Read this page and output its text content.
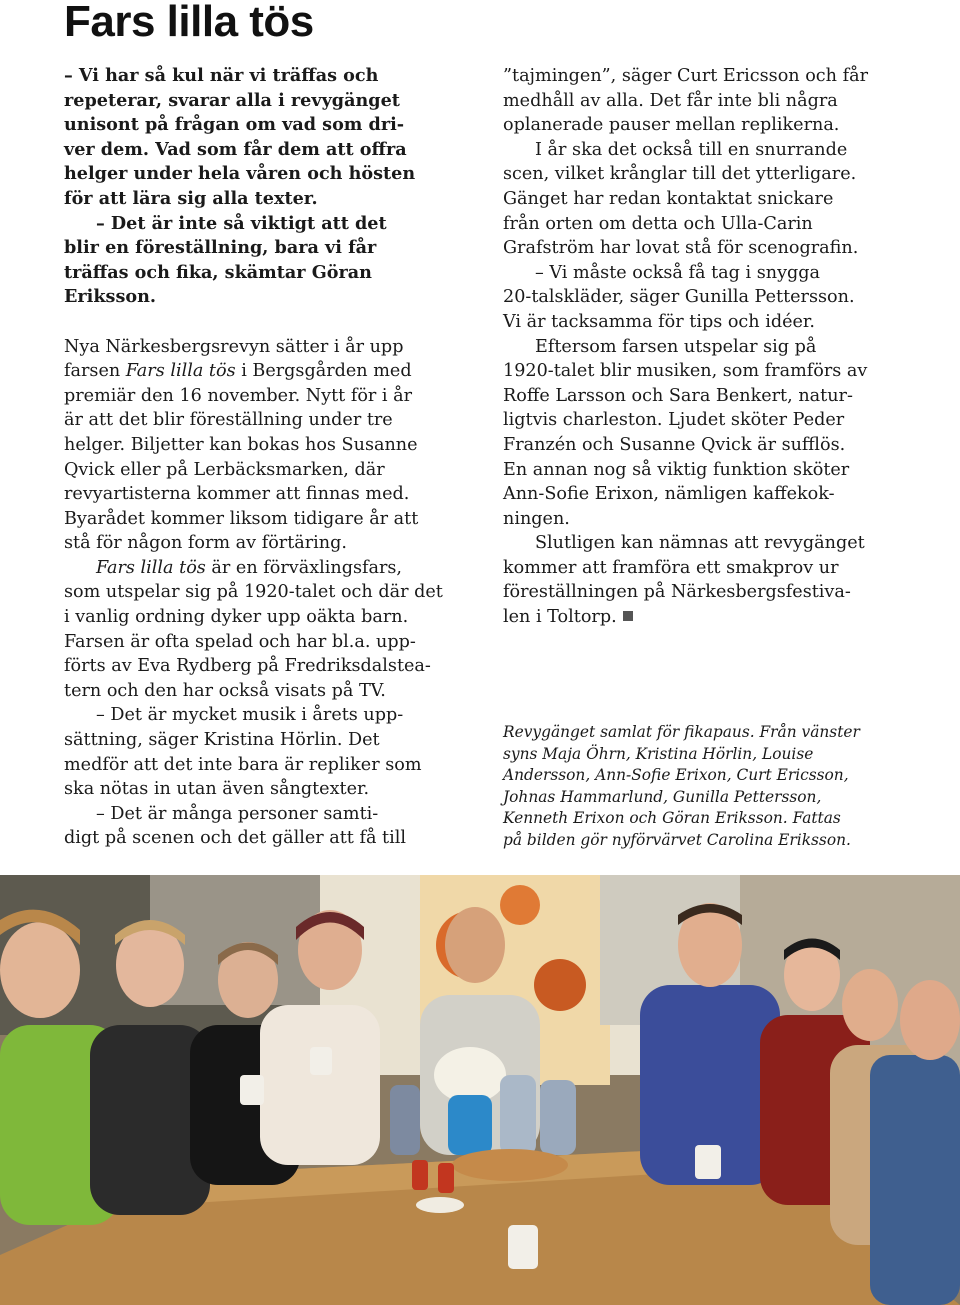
Fars lilla tös
– Vi har så kul när vi träffas och
repeterar, svarar alla i revygänget
unisont på frågan om vad som dri-
ver dem. Vad som får dem att offra
helger under hela våren och hösten
för att lära sig alla texter.
– Det är inte så viktigt att det
blir en föreställning, bara vi får
träffas och fika, skämtar Göran
Eriksson.
Nya Närkesbergsrevyn sätter i år upp
farsen Fars lilla tös i Bergsgården med
premiär den 16 november. Nytt för i år
är att det blir föreställning under tre
helger. Biljetter kan bokas hos Susanne
Qvick eller på Lerbäcksmarken, där
revyartisterna kommer att finnas med.
Byarådet kommer liksom tidigare år att
stå för någon form av förtäring.
Fars lilla tös är en förväxlingsfars,
som utspelar sig på 1920-talet och där det
i vanlig ordning dyker upp oäkta barn.
Farsen är ofta spelad och har bl.a. upp-
förts av Eva Rydberg på Fredriksdalstea-
tern och den har också visats på TV.
– Det är mycket musik i årets upp-
sättning, säger Kristina Hörlin. Det
medför att det inte bara är repliker som
ska nötas in utan även sångtexter.
– Det är många personer samti-
digt på scenen och det gäller att få till
”tajmingen”, säger Curt Ericsson och får
medhåll av alla. Det får inte bli några
oplanerade pauser mellan replikerna.
I år ska det också till en snurrande
scen, vilket krånglar till det ytterligare.
Gänget har redan kontaktat snickare
från orten om detta och Ulla-Carin
Grafström har lovat stå för scenografin.
– Vi måste också få tag i snygga
20-talskläder, säger Gunilla Pettersson.
Vi är tacksamma för tips och idéer.
Eftersom farsen utspelar sig på
1920-talet blir musiken, som framförs av
Roffe Larsson och Sara Benkert, natur-
ligtvis charleston. Ljudet sköter Peder
Franzén och Susanne Qvick är sufflös.
En annan nog så viktig funktion sköter
Ann-Sofie Erixon, nämligen kaffekok-
ningen.
Slutligen kan nämnas att revygänget
kommer att framföra ett smakprov ur
föreställningen på Närkesbergsfestiva-
len i Toltorp.
Revygänget samlat för fikapaus. Från vänster
syns Maja Öhrn, Kristina Hörlin, Louise
Andersson, Ann-Sofie Erixon, Curt Ericsson,
Johnas Hammarlund, Gunilla Pettersson,
Kenneth Erixon och Göran Eriksson. Fattas
på bilden gör nyförvärvet Carolina Eriksson.
